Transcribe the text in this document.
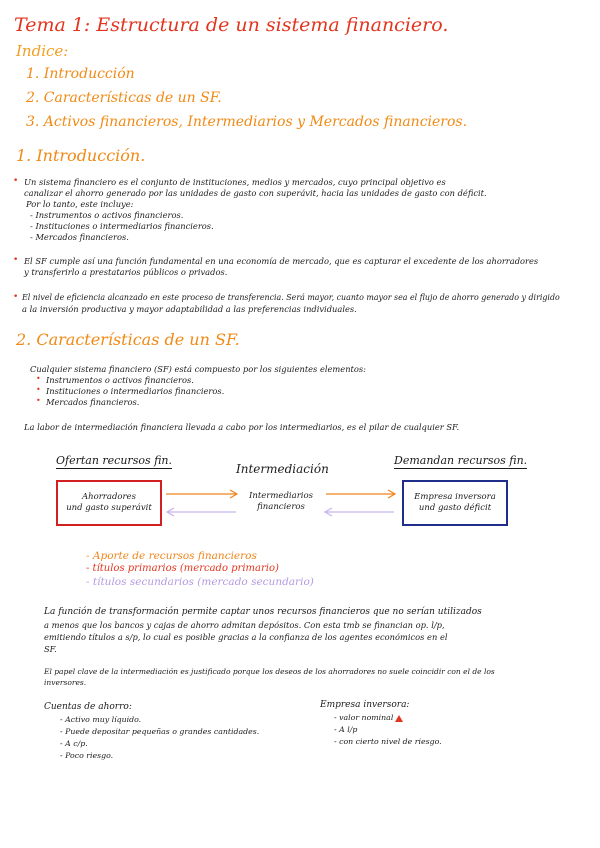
Tema 1: Estructura de un sistema financiero.
Indice:
1. Introducción
2. Características de un SF.
3. Activos financieros, Intermediarios y Mercados financieros.
1. Introducción.
• Un sistema financiero es el conjunto de instituciones, medios y mercados, cuyo principal objetivo es
canalizar el ahorro generado por las unidades de gasto con superávit, hacia las unidades de gasto con déficit.
Por lo tanto, este incluye:
- Instrumentos o activos financieros.
- Instituciones o intermediarios financieros.
- Mercados financieros.
• El SF cumple así una función fundamental en una economía de mercado, que es capturar el excedente de los ahorradores
y transferirlo a prestatarios públicos o privados.
• El nivel de eficiencia alcanzado en este proceso de transferencia. Será mayor, cuanto mayor sea el flujo de ahorro generado y dirigido
a la inversión productiva y mayor adaptabilidad a las preferencias individuales.
2. Características de un SF.
Cualquier sistema financiero (SF) está compuesto por los siguientes elementos:
• Instrumentos o activos financieros.
• Instituciones o intermediarios financieros.
• Mercados financieros.
La labor de intermediación financiera llevada a cabo por los intermediarios, es el pilar de cualquier SF.
Ofertan recursos fin.
Intermediación
Demandan recursos fin.
Ahorradores
und gasto superávit
Intermediarios
financieros
Empresa inversora
und gasto déficit
- Aporte de recursos financieros
- títulos primarios (mercado primario)
- títulos secundarios (mercado secundario)
La función de transformación permite captar unos recursos financieros que no serían utilizados
a menos que los bancos y cajas de ahorro admitan depósitos. Con esta tmb se financian op. l/p,
emitiendo títulos a s/p, lo cual es posible gracias a la confianza de los agentes económicos en el
SF.
El papel clave de la intermediación es justificado porque los deseos de los ahorradores no suele coincidir con el de los
inversores.
Cuentas de ahorro:
- Activo muy líquido.
- Puede depositar pequeñas o grandes cantidades.
- A c/p.
- Poco riesgo.
Empresa inversora:
- valor nominal
- A l/p
- con cierto nivel de riesgo.
